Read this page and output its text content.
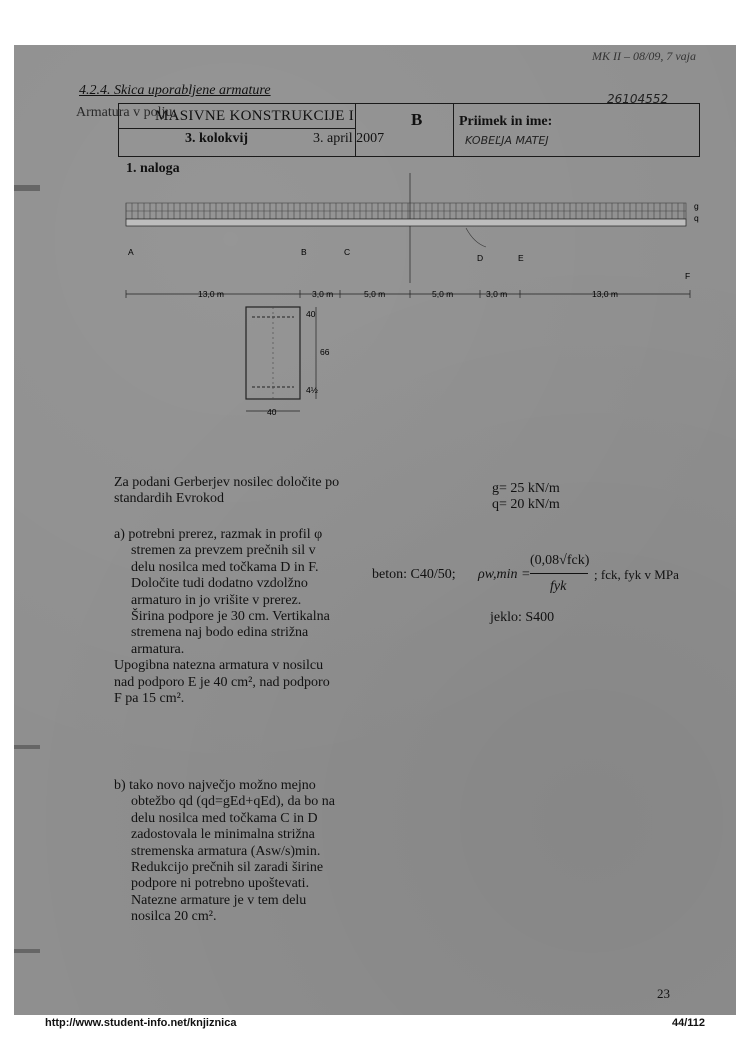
MK II – 08/09, 7 vaja
4.2.4. Skica uporabljene armature
Armatura v polju:
MASIVNE KONSTRUKCIJE I
3. kolokvij	3. april 2007
B	Priimek in ime:
26104552
KOBEĽJA MATEJ
1. naloga
g
q
A	B	C
D	E
F
13,0 m	3,0 m	5,0 m	5,0 m	3,0 m	13,0 m
40
66
40
4½
Za podani Gerberjev nosilec določite po
standardih Evrokod
g= 25 kN/m
q= 20 kN/m
a) potrebni prerez, razmak in profil φ
stremen za prevzem prečnih sil v
delu nosilca med točkama D in F.
Določite tudi dodatno vzdolžno
armaturo in jo vrišite v prerez.
Širina podpore je 30 cm. Vertikalna
stremena naj bodo edina strižna
armatura.
Upogibna natezna armatura v nosilcu
nad podporo E je 40 cm², nad podporo
F pa 15 cm².
beton: C40/50; ρw,min =
(0,08√fck)
fyk
; fck, fyk v MPa
jeklo: S400
b) tako novo največjo možno mejno
obtežbo qd (qd=gEd+qEd), da bo na
delu nosilca med točkama C in D
zadostovala le minimalna strižna
stremenska armatura (Asw/s)min.
Redukcijo prečnih sil zaradi širine
podpore ni potrebno upoštevati.
Natezne armature je v tem delu
nosilca 20 cm².
23
http://www.student-info.net/knjiznica	44/112
